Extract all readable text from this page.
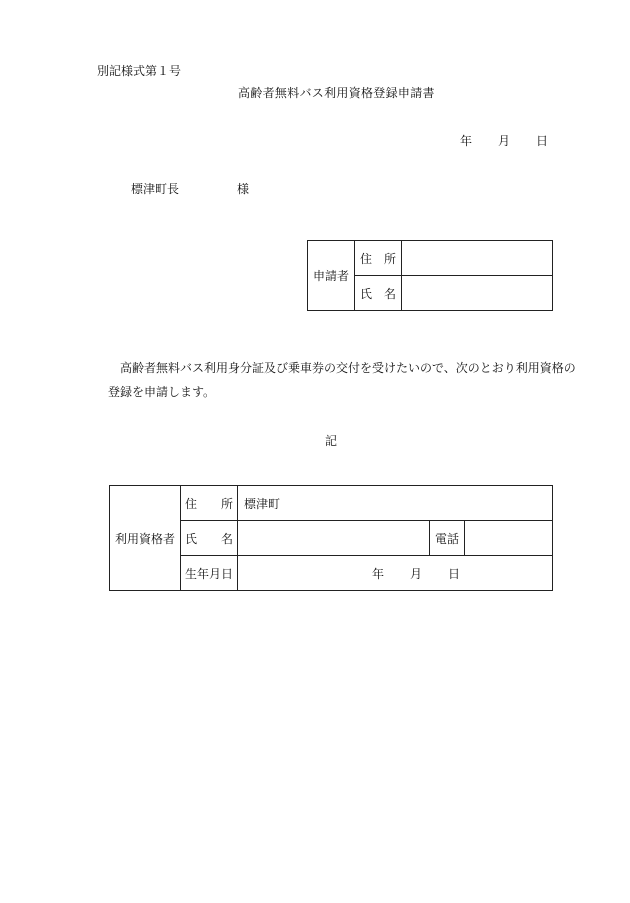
別記様式第１号
高齢者無料バス利用資格登録申請書
年 月 日
標津町長	様
申請者	住　所	
	氏　名	
高齢者無料バス利用身分証及び乗車券の交付を受けたいので、次のとおり利用資格の
登録を申請します。
記
利用資格者	住　　所	標津町		
	氏　　名		電話	
	生年月日	年 月 日		
